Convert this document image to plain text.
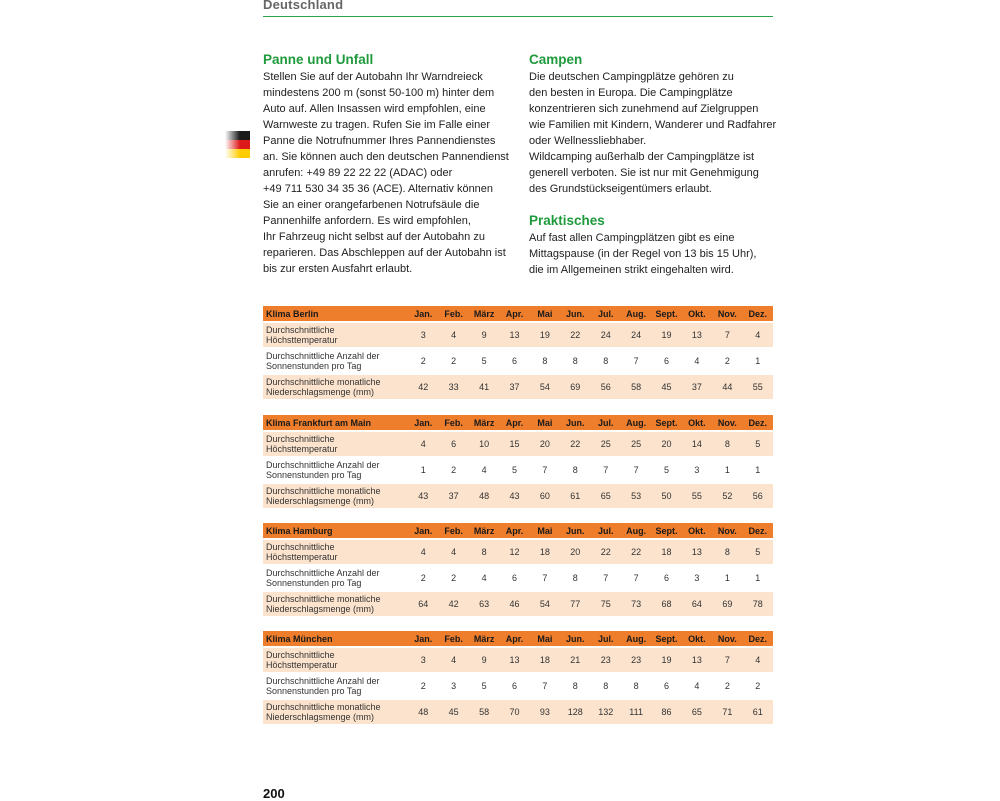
Deutschland
Panne und Unfall

Stellen Sie auf der Autobahn Ihr Warndreieck

mindestens 200 m (sonst 50-100 m) hinter dem

Auto auf. Allen Insassen wird empfohlen, eine

Warnweste zu tragen. Rufen Sie im Falle einer

Panne die Notrufnummer Ihres Pannendienstes

an. Sie können auch den deutschen Pannendienst

anrufen: +49 89 22 22 22 (ADAC) oder

+49 711 530 34 35 36 (ACE). Alternativ können

Sie an einer orangefarbenen Notrufsäule die

Pannenhilfe anfordern. Es wird empfohlen,

Ihr Fahrzeug nicht selbst auf der Autobahn zu

reparieren. Das Abschleppen auf der Autobahn ist

bis zur ersten Ausfahrt erlaubt.

Campen

Die deutschen Campingplätze gehören zu

den besten in Europa. Die Campingplätze

konzentrieren sich zunehmend auf Zielgruppen

wie Familien mit Kindern, Wanderer und Radfahrer

oder Wellnessliebhaber.

Wildcamping außerhalb der Campingplätze ist

generell verboten. Sie ist nur mit Genehmigung

des Grundstückseigentümers erlaubt.

Praktisches

Auf fast allen Campingplätzen gibt es eine

Mittagspause (in der Regel von 13 bis 15 Uhr),

die im Allgemeinen strikt eingehalten wird.

Klima Berlin	Jan.	Feb.	März	Apr.	Mai	Jun.	Jul.	Aug.	Sept.	Okt.	Nov.	Dez.

Durchschnittliche
Höchsttemperatur	3	4	9	13	19	22	24	24	19	13	7	4

Durchschnittliche Anzahl der
Sonnenstunden pro Tag	2	2	5	6	8	8	8	7	6	4	2	1

Durchschnittliche monatliche
Niederschlagsmenge (mm)	42	33	41	37	54	69	56	58	45	37	44	55
Klima Frankfurt am Main	Jan.	Feb.	März	Apr.	Mai	Jun.	Jul.	Aug.	Sept.	Okt.	Nov.	Dez.

Durchschnittliche
Höchsttemperatur	4	6	10	15	20	22	25	25	20	14	8	5

Durchschnittliche Anzahl der
Sonnenstunden pro Tag	1	2	4	5	7	8	7	7	5	3	1	1

Durchschnittliche monatliche
Niederschlagsmenge (mm)	43	37	48	43	60	61	65	53	50	55	52	56
Klima Hamburg	Jan.	Feb.	März	Apr.	Mai	Jun.	Jul.	Aug.	Sept.	Okt.	Nov.	Dez.

Durchschnittliche
Höchsttemperatur	4	4	8	12	18	20	22	22	18	13	8	5

Durchschnittliche Anzahl der
Sonnenstunden pro Tag	2	2	4	6	7	8	7	7	6	3	1	1

Durchschnittliche monatliche
Niederschlagsmenge (mm)	64	42	63	46	54	77	75	73	68	64	69	78
Klima München	Jan.	Feb.	März	Apr.	Mai	Jun.	Jul.	Aug.	Sept.	Okt.	Nov.	Dez.

Durchschnittliche
Höchsttemperatur	3	4	9	13	18	21	23	23	19	13	7	4

Durchschnittliche Anzahl der
Sonnenstunden pro Tag	2	3	5	6	7	8	8	8	6	4	2	2

Durchschnittliche monatliche
Niederschlagsmenge (mm)	48	45	58	70	93	128	132	111	86	65	71	61
200
